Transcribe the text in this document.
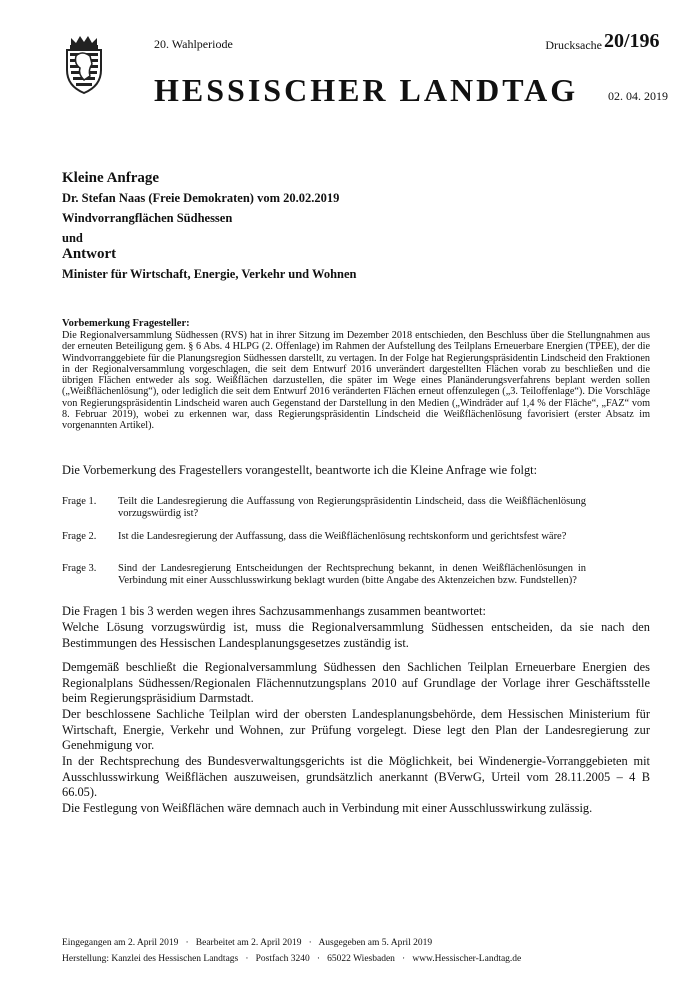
20. Wahlperiode	Drucksache 20/196
HESSISCHER LANDTAG 02. 04. 2019
Kleine Anfrage
Dr. Stefan Naas (Freie Demokraten) vom 20.02.2019
Windvorrangflächen Südhessen
und
Antwort
Minister für Wirtschaft, Energie, Verkehr und Wohnen
Vorbemerkung Fragesteller:
Die Regionalversammlung Südhessen (RVS) hat in ihrer Sitzung im Dezember 2018 entschieden, den Beschluss über die Stellungnahmen aus der erneuten Beteiligung gem. § 6 Abs. 4 HLPG (2. Offenlage) im Rahmen der Aufstellung des Teilplans Erneuerbare Energien (TPEE), der die Windvorranggebiete für die Planungsregion Südhessen darstellt, zu vertagen. In der Folge hat Regierungspräsidentin Lindscheid den Fraktionen in der Regionalversammlung vorgeschlagen, die seit dem Entwurf 2016 unverändert dargestellten Flächen vorab zu beschließen und die übrigen Flächen entweder als sog. Weißflächen darzustellen, die später im Wege eines Planänderungsverfahrens beplant werden sollen („Weißflächenlösung“), oder lediglich die seit dem Entwurf 2016 veränderten Flächen erneut offenzulegen („3. Teiloffenlage“). Die Vorschläge von Regierungspräsidentin Lindscheid waren auch Gegenstand der Darstellung in den Medien („Windräder auf 1,4 % der Fläche“, „FAZ“ vom 8. Februar 2019), wobei zu erkennen war, dass Regierungspräsidentin Lindscheid die Weißflächenlösung favorisiert (erster Absatz im vorgenannten Artikel).
Die Vorbemerkung des Fragestellers vorangestellt, beantworte ich die Kleine Anfrage wie folgt:
Frage 1.	Teilt die Landesregierung die Auffassung von Regierungspräsidentin Lindscheid, dass die Weißflächenlösung vorzugswürdig ist?
Frage 2.	Ist die Landesregierung der Auffassung, dass die Weißflächenlösung rechtskonform und gerichtsfest wäre?
Frage 3.	Sind der Landesregierung Entscheidungen der Rechtsprechung bekannt, in denen Weißflächenlösungen in Verbindung mit einer Ausschlusswirkung beklagt wurden (bitte Angabe des Aktenzeichen bzw. Fundstellen)?
Die Fragen 1 bis 3 werden wegen ihres Sachzusammenhangs zusammen beantwortet:
Welche Lösung vorzugswürdig ist, muss die Regionalversammlung Südhessen entscheiden, da sie nach den Bestimmungen des Hessischen Landesplanungsgesetzes zuständig ist.
Demgemäß beschließt die Regionalversammlung Südhessen den Sachlichen Teilplan Erneuerbare Energien des Regionalplans Südhessen/Regionalen Flächennutzungsplans 2010 auf Grundlage der Vorlage ihrer Geschäftsstelle beim Regierungspräsidium Darmstadt.
Der beschlossene Sachliche Teilplan wird der obersten Landesplanungsbehörde, dem Hessischen Ministerium für Wirtschaft, Energie, Verkehr und Wohnen, zur Prüfung vorgelegt. Diese legt den Plan der Landesregierung zur Genehmigung vor.
In der Rechtsprechung des Bundesverwaltungsgerichts ist die Möglichkeit, bei Windenergie-Vorranggebieten mit Ausschlusswirkung Weißflächen auszuweisen, grundsätzlich anerkannt (BVerwG, Urteil vom 28.11.2005 – 4 B 66.05).
Die Festlegung von Weißflächen wäre demnach auch in Verbindung mit einer Ausschlusswirkung zulässig.
Eingegangen am 2. April 2019   ·   Bearbeitet am 2. April 2019   ·   Ausgegeben am 5. April 2019
Herstellung: Kanzlei des Hessischen Landtags   ·   Postfach 3240   ·   65022 Wiesbaden   ·   www.Hessischer-Landtag.de
